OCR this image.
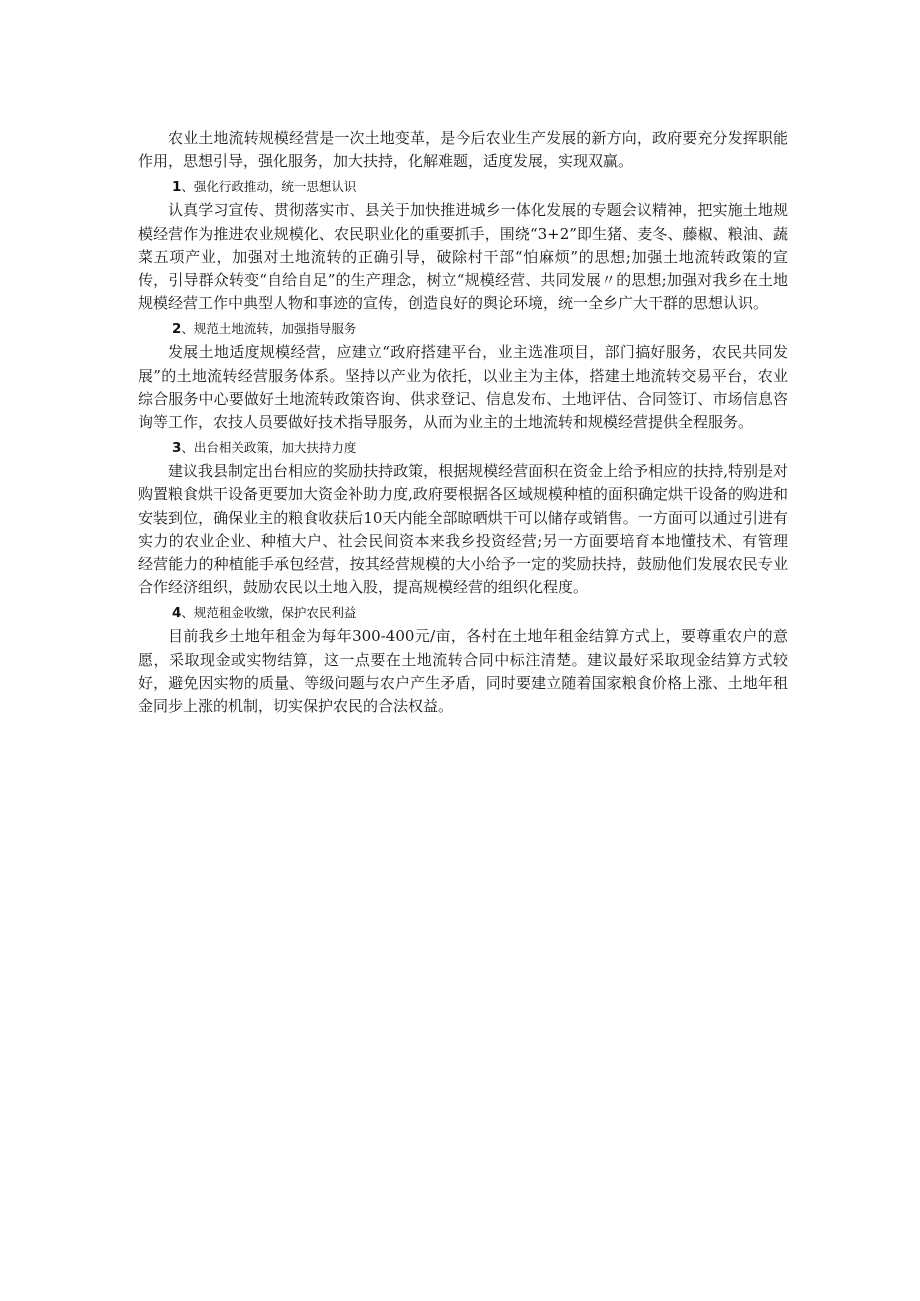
农业土地流转规模经营是一次土地变革，是今后农业生产发展的新方向，政府要充分发挥职能作用，思想引导，强化服务，加大扶持，化解难题，适度发展，实现双赢。

1、强化行政推动，统一思想认识

认真学习宣传、贯彻落实市、县关于加快推进城乡一体化发展的专题会议精神，把实施土地规模经营作为推进农业规模化、农民职业化的重要抓手，围绕“3+2”即生猪、麦冬、藤椒、粮油、蔬菜五项产业，加强对土地流转的正确引导，破除村干部“怕麻烦”的思想;加强土地流转政策的宣传，引导群众转变“自给自足”的生产理念，树立“规模经营、共同发展〃的思想;加强对我乡在土地规模经营工作中典型人物和事迹的宣传，创造良好的舆论环境，统一全乡广大干群的思想认识。

2、规范土地流转，加强指导服务

发展土地适度规模经营，应建立“政府搭建平台，业主选准项目，部门搞好服务，农民共同发展”的土地流转经营服务体系。坚持以产业为依托，以业主为主体，搭建土地流转交易平台，农业综合服务中心要做好土地流转政策咨询、供求登记、信息发布、土地评估、合同签订、市场信息咨询等工作，农技人员要做好技术指导服务，从而为业主的土地流转和规模经营提供全程服务。

3、出台相关政策，加大扶持力度

建议我县制定出台相应的奖励扶持政策，根据规模经营面积在资金上给予相应的扶持,特别是对购置粮食烘干设备更要加大资金补助力度,政府要根据各区域规模种植的面积确定烘干设备的购进和安装到位，确保业主的粮食收获后10天内能全部晾晒烘干可以储存或销售。一方面可以通过引进有实力的农业企业、种植大户、社会民间资本来我乡投资经营;另一方面要培育本地懂技术、有管理经营能力的种植能手承包经营，按其经营规模的大小给予一定的奖励扶持，鼓励他们发展农民专业合作经济组织，鼓励农民以土地入股，提高规模经营的组织化程度。

4、规范租金收缴，保护农民利益

目前我乡土地年租金为每年300-400元/亩，各村在土地年租金结算方式上，要尊重农户的意愿，采取现金或实物结算，这一点要在土地流转合同中标注清楚。建议最好采取现金结算方式较好，避免因实物的质量、等级问题与农户产生矛盾，同时要建立随着国家粮食价格上涨、土地年租金同步上涨的机制，切实保护农民的合法权益。
